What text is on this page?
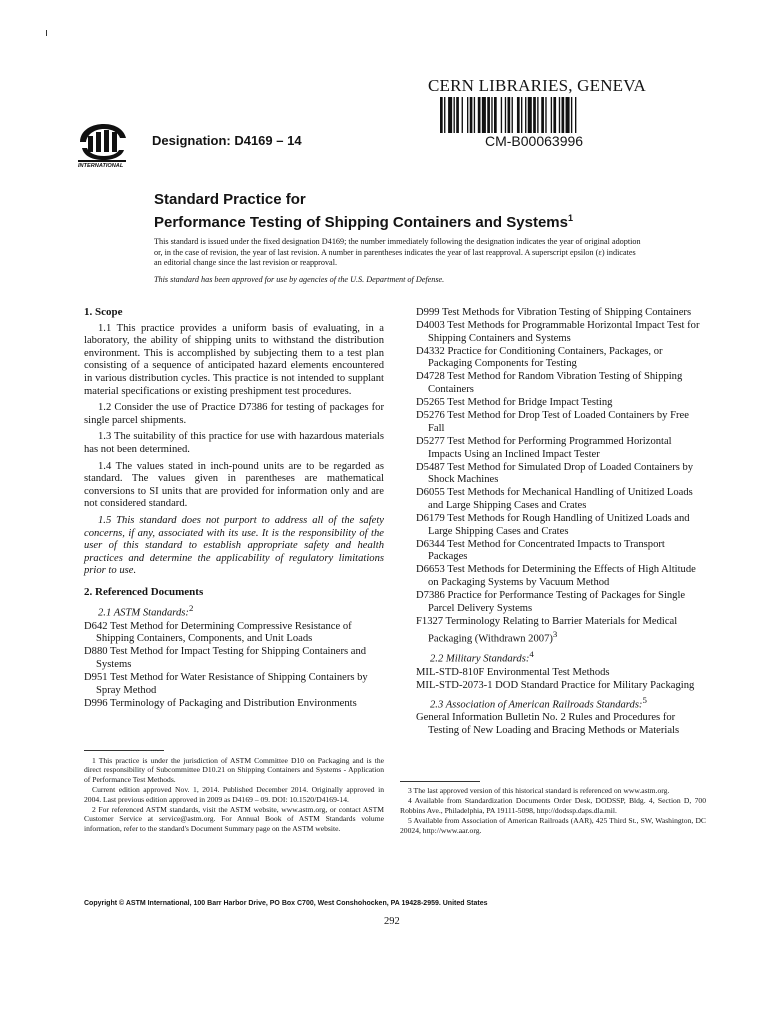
INTERNATIONAL
Designation: D4169 – 14
CERN LIBRARIES, GENEVA
CM-B00063996
Standard Practice for
Performance Testing of Shipping Containers and Systems$^1$

This standard is issued under the fixed designation D4169; the number immediately following the designation indicates the year of original adoption or, in the case of revision, the year of last revision. A number in parentheses indicates the year of last reapproval. A superscript epsilon (ε) indicates an editorial change since the last revision or reapproval.

This standard has been approved for use by agencies of the U.S. Department of Defense.

1. Scope

1.1 This practice provides a uniform basis of evaluating, in a laboratory, the ability of shipping units to withstand the distribution environment. This is accomplished by subjecting them to a test plan consisting of a sequence of anticipated hazard elements encountered in various distribution cycles. This practice is not intended to supplant material specifications or existing preshipment test procedures.

1.2 Consider the use of Practice D7386 for testing of packages for single parcel shipments.

1.3 The suitability of this practice for use with hazardous materials has not been determined.

1.4 The values stated in inch-pound units are to be regarded as standard. The values given in parentheses are mathematical conversions to SI units that are provided for information only and are not considered standard.

1.5 This standard does not purport to address all of the safety concerns, if any, associated with its use. It is the responsibility of the user of this standard to establish appropriate safety and health practices and determine the applicability of regulatory limitations prior to use.

2. Referenced Documents

2.1 ASTM Standards:$^2$

D642 Test Method for Determining Compressive Resistance of Shipping Containers, Components, and Unit Loads

D880 Test Method for Impact Testing for Shipping Containers and Systems

D951 Test Method for Water Resistance of Shipping Containers by Spray Method

D996 Terminology of Packaging and Distribution Environments

D999 Test Methods for Vibration Testing of Shipping Containers

D4003 Test Methods for Programmable Horizontal Impact Test for Shipping Containers and Systems

D4332 Practice for Conditioning Containers, Packages, or Packaging Components for Testing

D4728 Test Method for Random Vibration Testing of Shipping Containers

D5265 Test Method for Bridge Impact Testing

D5276 Test Method for Drop Test of Loaded Containers by Free Fall

D5277 Test Method for Performing Programmed Horizontal Impacts Using an Inclined Impact Tester

D5487 Test Method for Simulated Drop of Loaded Containers by Shock Machines

D6055 Test Methods for Mechanical Handling of Unitized Loads and Large Shipping Cases and Crates

D6179 Test Methods for Rough Handling of Unitized Loads and Large Shipping Cases and Crates

D6344 Test Method for Concentrated Impacts to Transport Packages

D6653 Test Methods for Determining the Effects of High Altitude on Packaging Systems by Vacuum Method

D7386 Practice for Performance Testing of Packages for Single Parcel Delivery Systems

F1327 Terminology Relating to Barrier Materials for Medical Packaging (Withdrawn 2007)$^3$

2.2 Military Standards:$^4$

MIL-STD-810F Environmental Test Methods

MIL-STD-2073-1 DOD Standard Practice for Military Packaging

2.3 Association of American Railroads Standards:$^5$

General Information Bulletin No. 2 Rules and Procedures for Testing of New Loading and Bracing Methods or Materials

1 This practice is under the jurisdiction of ASTM Committee D10 on Packaging and is the direct responsibility of Subcommittee D10.21 on Shipping Containers and Systems - Application of Performance Test Methods.

Current edition approved Nov. 1, 2014. Published December 2014. Originally approved in 2004. Last previous edition approved in 2009 as D4169 – 09. DOI: 10.1520/D4169-14.

2 For referenced ASTM standards, visit the ASTM website, www.astm.org, or contact ASTM Customer Service at service@astm.org. For Annual Book of ASTM Standards volume information, refer to the standard's Document Summary page on the ASTM website.

3 The last approved version of this historical standard is referenced on www.astm.org.

4 Available from Standardization Documents Order Desk, DODSSP, Bldg. 4, Section D, 700 Robbins Ave., Philadelphia, PA 19111-5098, http://dodssp.daps.dla.mil.

5 Available from Association of American Railroads (AAR), 425 Third St., SW, Washington, DC 20024, http://www.aar.org.

Copyright © ASTM International, 100 Barr Harbor Drive, PO Box C700, West Conshohocken, PA 19428-2959. United States
292
